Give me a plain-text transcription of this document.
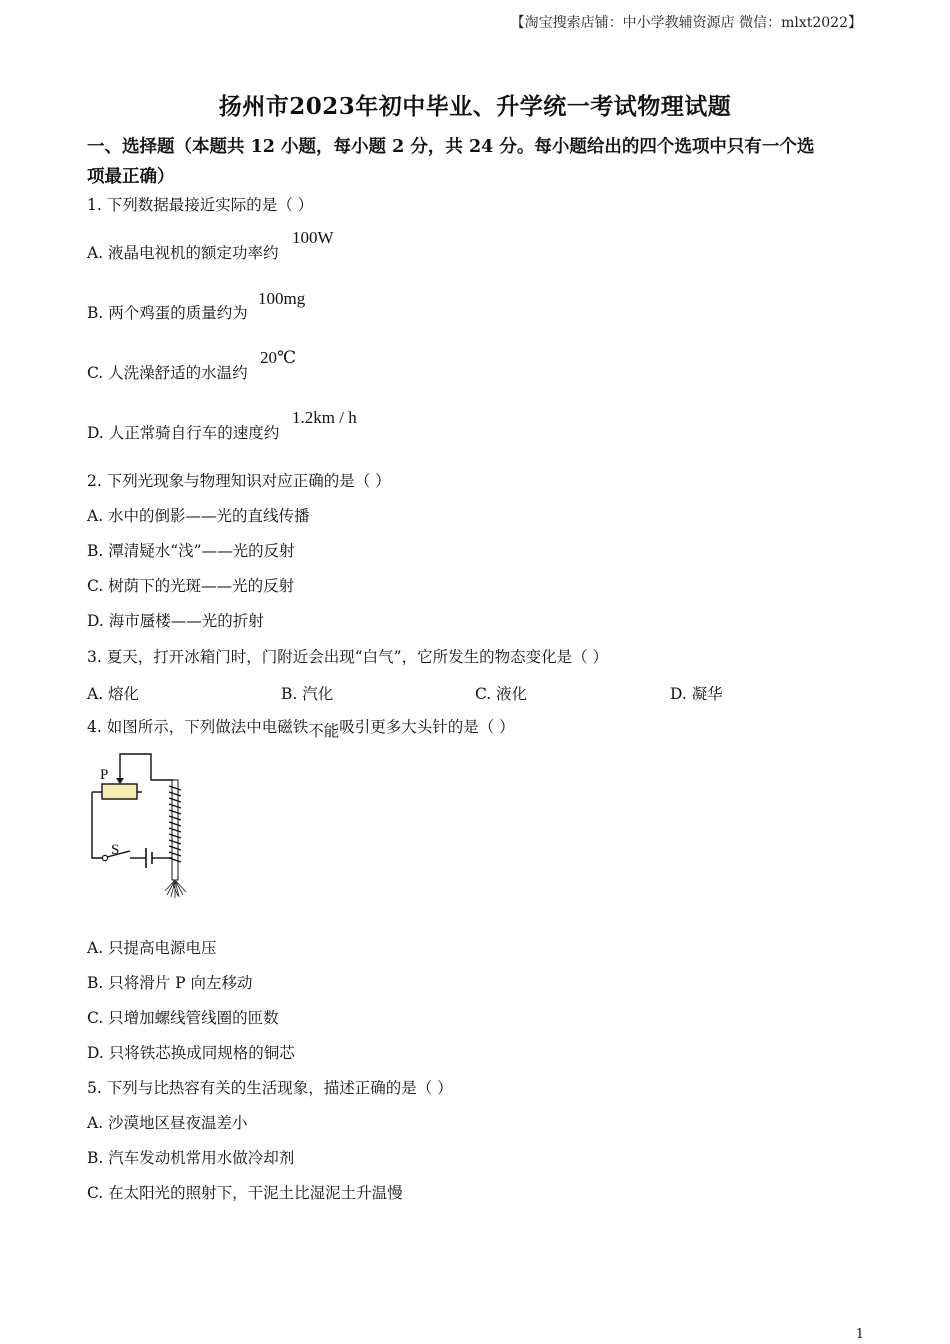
【淘宝搜索店铺：中小学教辅资源店 微信：mlxt2022】
扬州市2023年初中毕业、升学统一考试物理试题
一、选择题（本题共 12 小题，每小题 2 分，共 24 分。每小题给出的四个选项中只有一个选
项最正确）
1. 下列数据最接近实际的是（ ）
A. 液晶电视机的额定功率约
100W
B. 两个鸡蛋的质量约为
100mg
C. 人洗澡舒适的水温约
20℃
D. 人正常骑自行车的速度约
1.2km / h
2. 下列光现象与物理知识对应正确的是（ ）
A. 水中的倒影——光的直线传播
B. 潭清疑水“浅”——光的反射
C. 树荫下的光斑——光的反射
D. 海市蜃楼——光的折射
3. 夏天，打开冰箱门时，门附近会出现“白气”，它所发生的物态变化是（ ）
A. 熔化	B. 汽化	C. 液化	D. 凝华
4. 如图所示，下列做法中电磁铁不能吸引更多大头针的是（ ）
P
S
A. 只提高电源电压
B. 只将滑片 P 向左移动
C. 只增加螺线管线圈的匝数
D. 只将铁芯换成同规格的铜芯
5. 下列与比热容有关的生活现象，描述正确的是（ ）
A. 沙漠地区昼夜温差小
B. 汽车发动机常用水做冷却剂
C. 在太阳光的照射下，干泥土比湿泥土升温慢
1
